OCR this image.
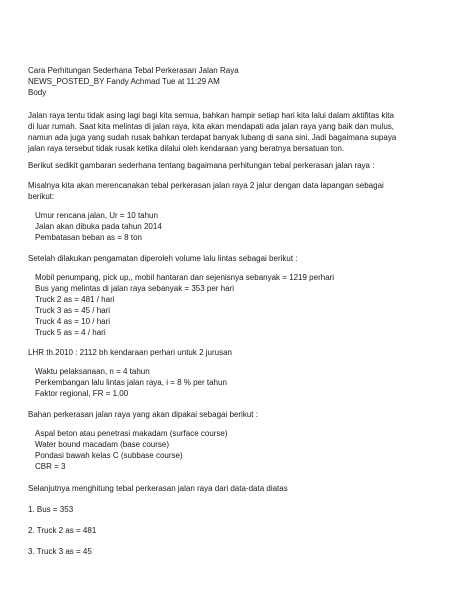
Cara Perhitungan Sederhana Tebal Perkerasan Jalan Raya
NEWS_POSTED_BY Fandy Achmad Tue at 11:29 AM
Body
Jalan raya tentu tidak asing lagi bagi kita semua, bahkan hampir setiap hari kita lalui dalam aktifitas kita
di luar rumah. Saat kita melintas di jalan raya, kita akan mendapati ada jalan raya yang baik dan mulus,
namun ada juga yang sudah rusak bahkan terdapat banyak lubang di sana sini. Jadi bagaimana supaya
jalan raya tersebut tidak rusak ketika dilalui oleh kendaraan yang beratnya bersatuan ton.
Berikut sedikit gambaran sederhana tentang bagaimana perhitungan tebal perkerasan jalan raya :
Misalnya kita akan merencanakan tebal perkerasan jalan raya 2 jalur dengan data lapangan sebagai
berikut:
Umur rencana jalan, Ur = 10 tahun
Jalan akan dibuka pada tahun 2014
Pembatasan beban as = 8 ton
Setelah dilakukan pengamatan diperoleh volume lalu lintas sebagai berikut :
Mobil penumpang, pick up,, mobil hantaran dan sejenisnya sebanyak = 1219 perhari
Bus yang melintas di jalan raya sebanyak = 353 per hari
Truck 2 as = 481 / hari
Truck 3 as = 45 / hari
Truck 4 as = 10 / hari
Truck 5 as = 4 / hari
LHR th.2010 : 2112 bh kendaraan perhari untuk 2 jurusan
Waktu pelaksanaan, n = 4 tahun
Perkembangan lalu lintas jalan raya, i = 8 % per tahun
Faktor regional, FR = 1.00
Bahan perkerasan jalan raya yang akan dipakai sebagai berikut :
Aspal beton atau penetrasi makadam (surface course)
Water bound macadam (base course)
Pondasi bawah kelas C (subbase course)
CBR = 3
Selanjutnya menghitung tebal perkerasan jalan raya dari data-data diatas
1. Bus = 353
2. Truck 2 as = 481
3. Truck 3 as = 45
